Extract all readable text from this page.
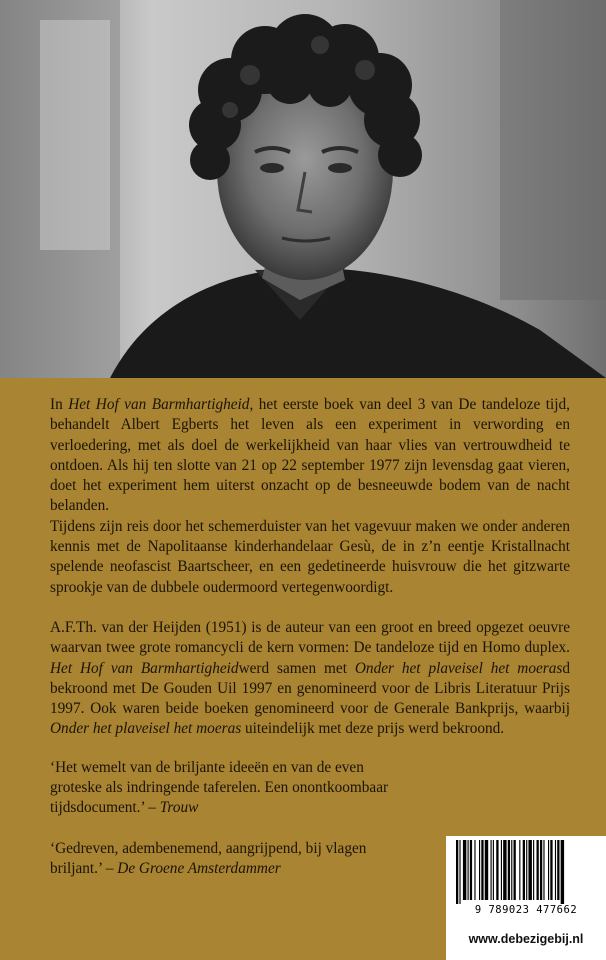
In Het Hof van Barmhartigheid, het eerste boek van deel 3 van De tandeloze tijd, behandelt Albert Egberts het leven als een experiment in verwording en verloedering, met als doel de werkelijkheid van haar vlies van vertrouwdheid te ontdoen. Als hij ten slotte van 21 op 22 september 1977 zijn levensdag gaat vieren, doet het experiment hem uiterst onzacht op de besneeuwde bodem van de nacht belanden.
Tijdens zijn reis door het schemerduister van het vagevuur maken we onder anderen kennis met de Napolitaanse kinderhandelaar Gesù, de in z’n eentje Kristallnacht spelende neofascist Baartscheer, en een gedetineerde huisvrouw die het gitzwarte sprookje van de dubbele oudermoord vertegenwoordigt.

A.F.Th. van der Heijden (1951) is de auteur van een groot en breed opgezet oeuvre waarvan twee grote romancycli de kern vormen: De tandeloze tijd en Homo duplex. Het Hof van Barmhartigheidwerd samen met Onder het plaveisel het moerasd bekroond met De Gouden Uil 1997 en genomineerd voor de Libris Literatuur Prijs 1997. Ook waren beide boeken genomineerd voor de Generale Bankprijs, waarbij Onder het plaveisel het moeras uiteindelijk met deze prijs werd bekroond.

‘Het wemelt van de briljante ideeën en van de even groteske als indringende taferelen. Een onontkoombaar tijdsdocument.’ – Trouw

‘Gedreven, adembenemend, aangrijpend, bij vlagen briljant.’ – De Groene Amsterdammer

9 789023 477662
www.debezigebij.nl
